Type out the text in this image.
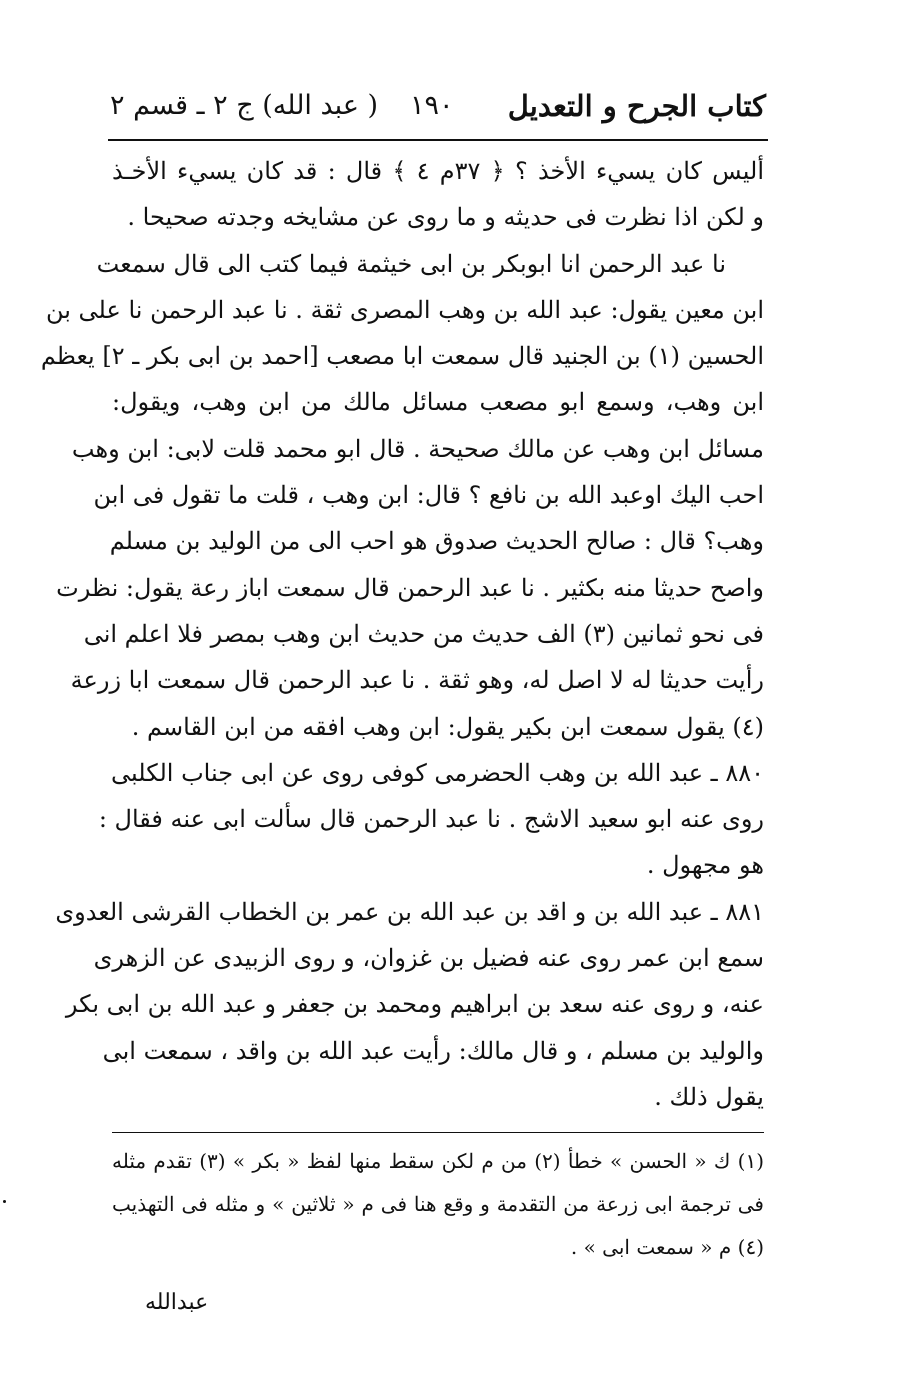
كتاب الجرح و التعديل
١٩٠
( عبد الله) ج ٢ ـ قسم ٢
أليس كان يسيء الأخذ ؟ ﴿ ٣٧م ٤ ﴾ قال : قد كان يسيء الأخـذ
و لكن اذا نظرت فى حديثه و ما روى عن مشايخه وجدته صحيحا .
نا عبد الرحمن انا ابوبكر بن ابى خيثمة فيما كتب الى قال سمعت
ابن معين يقول: عبد الله بن وهب المصرى ثقة . نا عبد الرحمن نا على بن
الحسين (١) بن الجنيد قال سمعت ابا مصعب [احمد بن ابى بكر ـ ٢] يعظم
ابن وهب، وسمع ابو مصعب مسائل مالك من ابن وهب، ويقول:
مسائل ابن وهب عن مالك صحيحة . قال ابو محمد قلت لابى: ابن وهب
احب اليك اوعبد الله بن نافع ؟ قال: ابن وهب ، قلت ما تقول فى ابن
وهب؟ قال : صالح الحديث صدوق هو احب الى من الوليد بن مسلم
واصح حديثا منه بكثير . نا عبد الرحمن قال سمعت اباز رعة يقول: نظرت
فى نحو ثمانين (٣) الف حديث من حديث ابن وهب بمصر فلا اعلم انى
رأيت حديثا له لا اصل له، وهو ثقة . نا عبد الرحمن قال سمعت ابا زرعة
(٤) يقول سمعت ابن بكير يقول: ابن وهب افقه من ابن القاسم .
٨٨٠ ـ عبد الله بن وهب الحضرمى كوفى روى عن ابى جناب الكلبى
روى عنه ابو سعيد الاشج . نا عبد الرحمن قال سألت ابى عنه فقال :
هو مجهول .
٨٨١ ـ عبد الله بن و اقد بن عبد الله بن عمر بن الخطاب القرشى العدوى
سمع ابن عمر روى عنه فضيل بن غزوان، و روى الزبيدى عن الزهرى
عنه، و روى عنه سعد بن ابراهيم ومحمد بن جعفر و عبد الله بن ابى بكر
والوليد بن مسلم ، و قال مالك: رأيت عبد الله بن واقد ، سمعت ابى
يقول ذلك .
(١) ك « الحسن » خطأ (٢) من م لكن سقط منها لفظ « بكر » (٣) تقدم مثله
فى ترجمة ابى زرعة من التقدمة و وقع هنا فى م « ثلاثين » و مثله فى التهذيب
(٤) م « سمعت ابى » .
عبدالله
